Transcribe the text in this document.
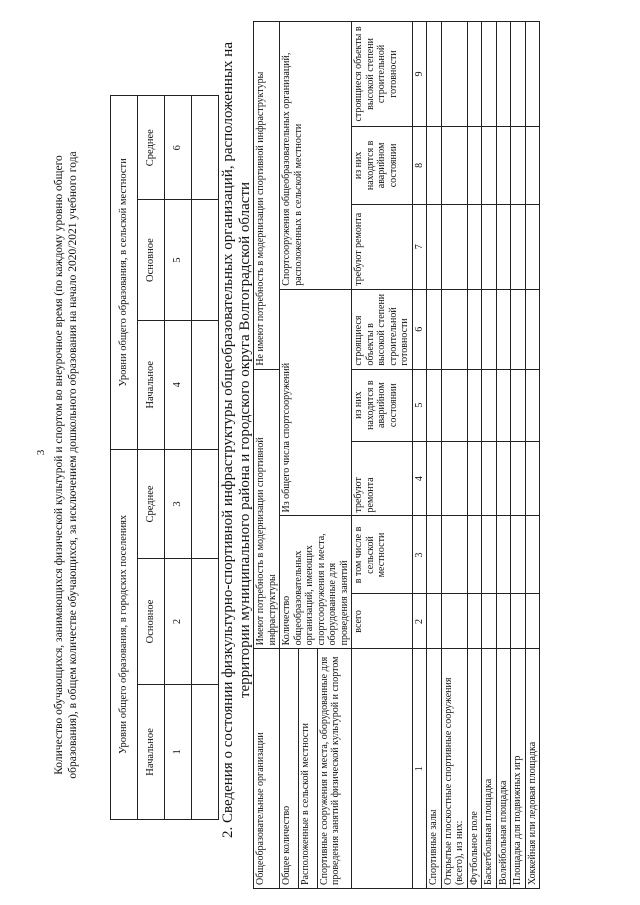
3 Количество обучающихся, занимающихся физической культурой и спортом во внеурочное время (по каждому уровню общего образования), в общем количестве обучающихся, за исключением дошкольного образования на начало 2020/2021 учебного года	Уровни общего образования, в городских поселениях			Уровни общего образования, в сельской местности		
Начальное	Основное	Среднее	Начальное	Основное	Среднее
1	2	3	4	5	6
					2. Сведения о состоянии физкультурно-спортивной инфраструктуры общеобразовательных организаций, расположенных на территории муниципального района и городского округа Волгоградской области
Общеобразовательные организации	Имеют потребность в модернизации спортивной инфраструктуры				Не имеют потребность в модернизации спортивной инфраструктуры			
Общее количество	Количество общеобразовательных организаций, имеющих спортсооружения и места, оборудованные для проведения занятий		Из общего числа спортсооружений			Спортсооружения общеобразовательных организаций, расположенных в сельской местности		
Расположенные в сельской местности								
Спортивные сооружения и места, оборудованные для проведения занятий физической культурой и спортом								
	всего	в том числе в сельской местности	требуют ремонта	из них находятся в аварийном состоянии	строящиеся объекты в высокой степени строительной готовности	требуют ремонта	из них находятся в аварийном состоянии	строящиеся объекты в высокой степени строительной готовности
1	2	3	4	5	6	7	8	9
Спортивные залы								
Открытые плоскостные спортивные сооружения (всего), из них:								
Футбольное поле								
Баскетбольная площадка								
Волейбольная площадка								
Площадка для подвижных игр								
Хоккейная или ледовая площадка								
